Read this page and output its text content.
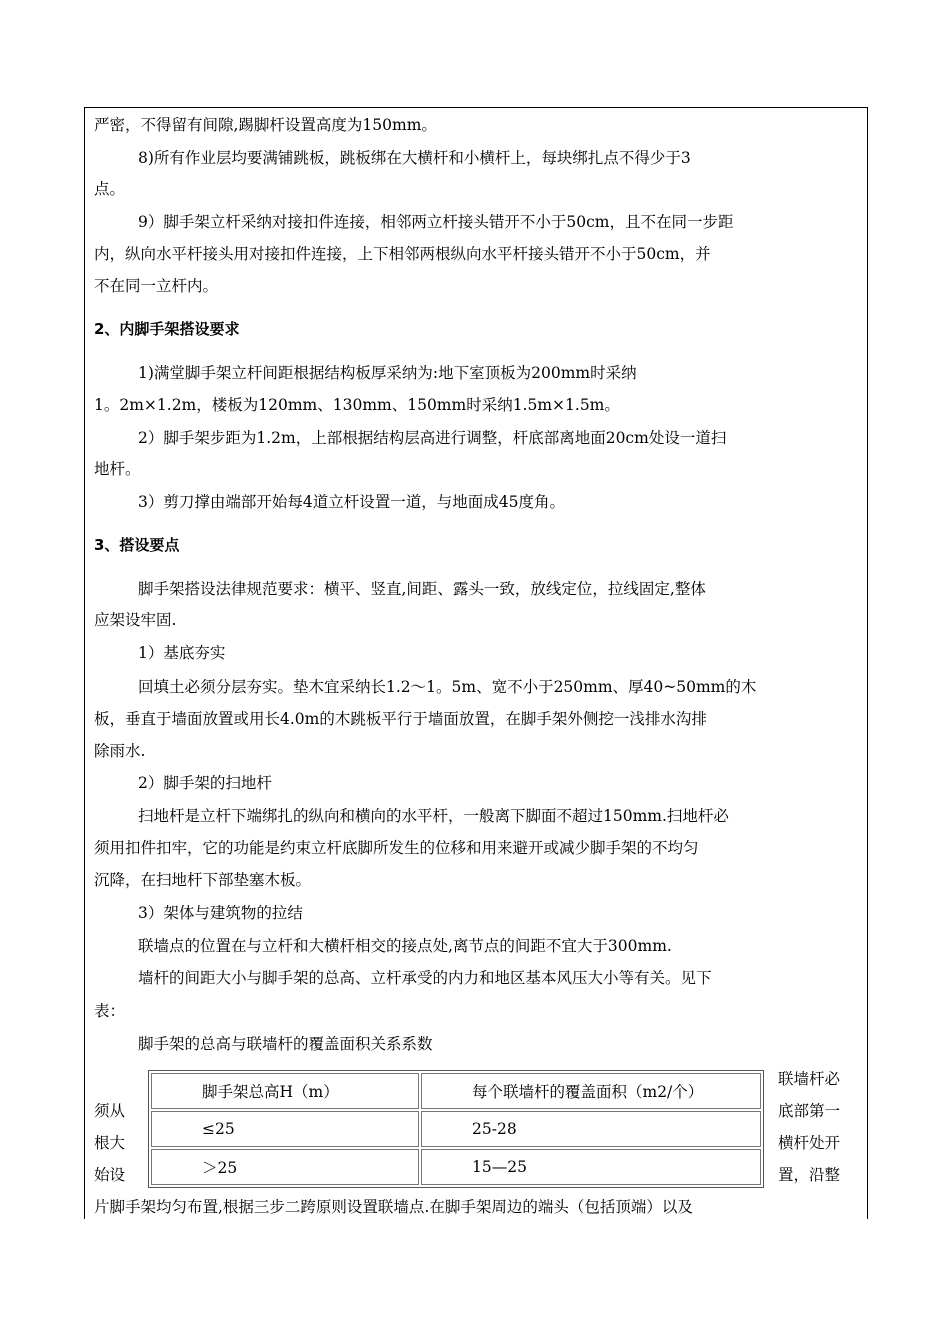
严密，不得留有间隙,踢脚杆设置高度为150mm。
8)所有作业层均要满铺跳板，跳板绑在大横杆和小横杆上，每块绑扎点不得少于3
点。
9）脚手架立杆采纳对接扣件连接，相邻两立杆接头错开不小于50cm，且不在同一步距
内，纵向水平杆接头用对接扣件连接，上下相邻两根纵向水平杆接头错开不小于50cm，并
不在同一立杆内。
2、内脚手架搭设要求
1)满堂脚手架立杆间距根据结构板厚采纳为:地下室顶板为200mm时采纳
1。2m×1.2m，楼板为120mm、130mm、150mm时采纳1.5m×1.5m。
2）脚手架步距为1.2m，上部根据结构层高进行调整，杆底部离地面20cm处设一道扫
地杆。
3）剪刀撑由端部开始每4道立杆设置一道，与地面成45度角。
3、搭设要点
脚手架搭设法律规范要求：横平、竖直,间距、露头一致，放线定位，拉线固定,整体
应架设牢固.
1）基底夯实
回填土必须分层夯实。垫木宜采纳长1.2～1。5m、宽不小于250mm、厚40~50mm的木
板，垂直于墙面放置或用长4.0m的木跳板平行于墙面放置，在脚手架外侧挖一浅排水沟排
除雨水.
2）脚手架的扫地杆
扫地杆是立杆下端绑扎的纵向和横向的水平杆，一般离下脚面不超过150mm.扫地杆必
须用扣件扣牢，它的功能是约束立杆底脚所发生的位移和用来避开或减少脚手架的不均匀
沉降，在扫地杆下部垫塞木板。
3）架体与建筑物的拉结
联墙点的位置在与立杆和大横杆相交的接点处,离节点的间距不宜大于300mm.
墙杆的间距大小与脚手架的总高、立杆承受的内力和地区基本风压大小等有关。见下
表：
脚手架的总高与联墙杆的覆盖面积关系系数
脚手架总高H（m）	每个联墙杆的覆盖面积（m2/个）
≤25	25-28
＞25	15—25
须从
根大
始设
联墙杆必
底部第一
横杆处开
置，沿整
片脚手架均匀布置,根据三步二跨原则设置联墙点.在脚手架周边的端头（包括顶端）以及
